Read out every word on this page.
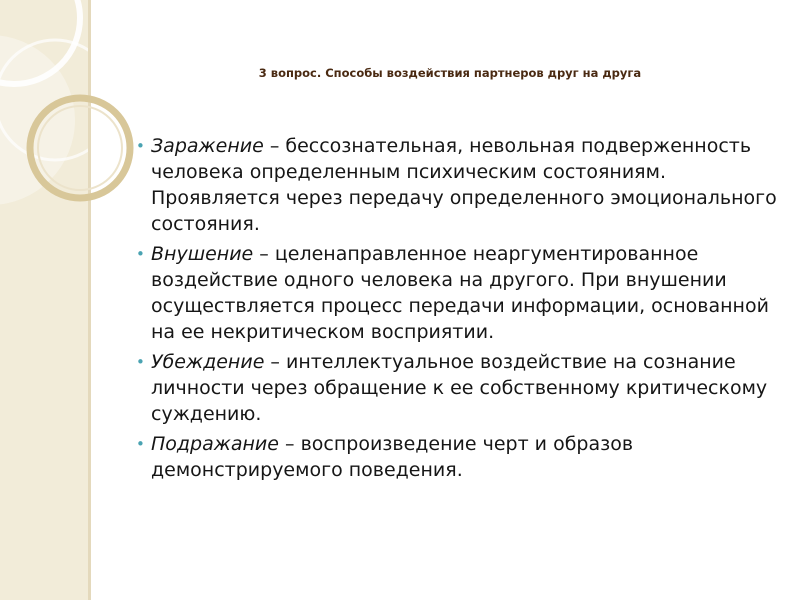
3 вопрос. Способы воздействия партнеров друг на друга
• Заражение – бессознательная, невольная подверженность человека определенным психическим состояниям. Проявляется через передачу определенного эмоционального состояния.
• Внушение – целенаправленное неаргументированное воздействие одного человека на другого. При внушении осуществляется процесс передачи информации, основанной на ее некритическом восприятии.
• Убеждение – интеллектуальное воздействие на сознание личности через обращение к ее собственному критическому суждению.
• Подражание – воспроизведение черт и образов демонстрируемого поведения.
